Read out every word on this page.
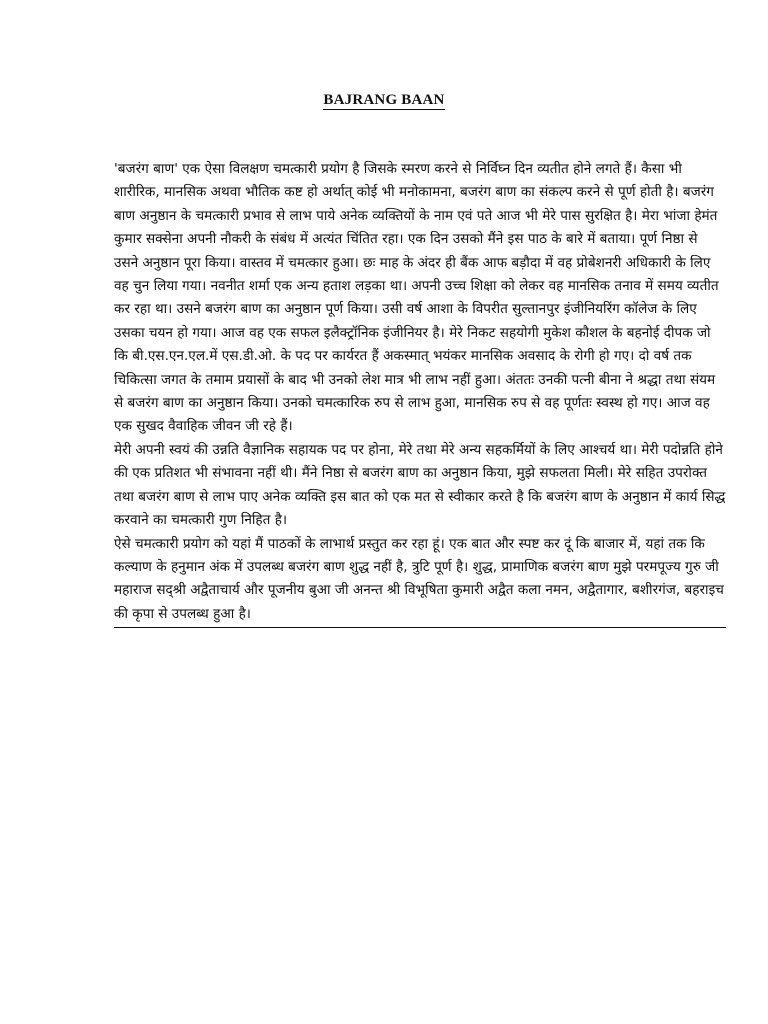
BAJRANG BAAN

'बजरंग बाण' एक ऐसा विलक्षण चमत्कारी प्रयोग है जिसके स्मरण करने से निर्विघ्न दिन व्यतीत होने लगते हैं। कैसा भी शारीरिक, मानसिक अथवा भौतिक कष्ट हो अर्थात् कोई भी मनोकामना, बजरंग बाण का संकल्प करने से पूर्ण होती है। बजरंग बाण अनुष्ठान के चमत्कारी प्रभाव से लाभ पाये अनेक व्यक्तियों के नाम एवं पते आज भी मेरे पास सुरक्षित है। मेरा भांजा हेमंत कुमार सक्सेना अपनी नौकरी के संबंध में अत्यंत चिंतित रहा। एक दिन उसको मैंने इस पाठ के बारे में बताया। पूर्ण निष्ठा से उसने अनुष्ठान पूरा किया। वास्तव में चमत्कार हुआ। छः माह के अंदर ही बैंक आफ बड़ौदा में वह प्रोबेशनरी अधिकारी के लिए वह चुन लिया गया। नवनीत शर्मा एक अन्य हताश लड़का था। अपनी उच्च शिक्षा को लेकर वह मानसिक तनाव में समय व्यतीत कर रहा था। उसने बजरंग बाण का अनुष्ठान पूर्ण किया। उसी वर्ष आशा के विपरीत सुल्तानपुर इंजीनियरिंग कॉलेज के लिए उसका चयन हो गया। आज वह एक सफल इलैक्ट्रॉनिक इंजीनियर है। मेरे निकट सहयोगी मुकेश कौशल के बहनोई दीपक जो कि बी.एस.एन.एल.में एस.डी.ओ. के पद पर कार्यरत हैं अकस्मात् भयंकर मानसिक अवसाद के रोगी हो गए। दो वर्ष तक चिकित्सा जगत के तमाम प्रयासों के बाद भी उनको लेश मात्र भी लाभ नहीं हुआ। अंततः उनकी पत्नी बीना ने श्रद्धा तथा संयम से बजरंग बाण का अनुष्ठान किया। उनको चमत्कारिक रुप से लाभ हुआ, मानसिक रुप से वह पूर्णतः स्वस्थ हो गए। आज वह एक सुखद वैवाहिक जीवन जी रहे हैं।

मेरी अपनी स्वयं की उन्नति वैज्ञानिक सहायक पद पर होना, मेरे तथा मेरे अन्य सहकर्मियों के लिए आश्चर्य था। मेरी पदोन्नति होने की एक प्रतिशत भी संभावना नहीं थी। मैंने निष्ठा से बजरंग बाण का अनुष्ठान किया, मुझे सफलता मिली। मेरे सहित उपरोक्त तथा बजरंग बाण से लाभ पाए अनेक व्यक्ति इस बात को एक मत से स्वीकार करते है कि बजरंग बाण के अनुष्ठान में कार्य सिद्ध करवाने का चमत्कारी गुण निहित है।

ऐसे चमत्कारी प्रयोग को यहां मैं पाठकों के लाभार्थ प्रस्तुत कर रहा हूं। एक बात और स्पष्ट कर दूं कि बाजार में, यहां तक कि कल्याण के हनुमान अंक में उपलब्ध बजरंग बाण शुद्ध नहीं है, त्रुटि पूर्ण है। शुद्ध, प्रामाणिक बजरंग बाण मुझे परमपूज्य गुरु जी महाराज सद्श्री अद्वैताचार्य और पूजनीय बुआ जी अनन्त श्री विभूषिता कुमारी अद्वैत कला नमन, अद्वैतागार, बशीरगंज, बहराइच की कृपा से उपलब्ध हुआ है।
